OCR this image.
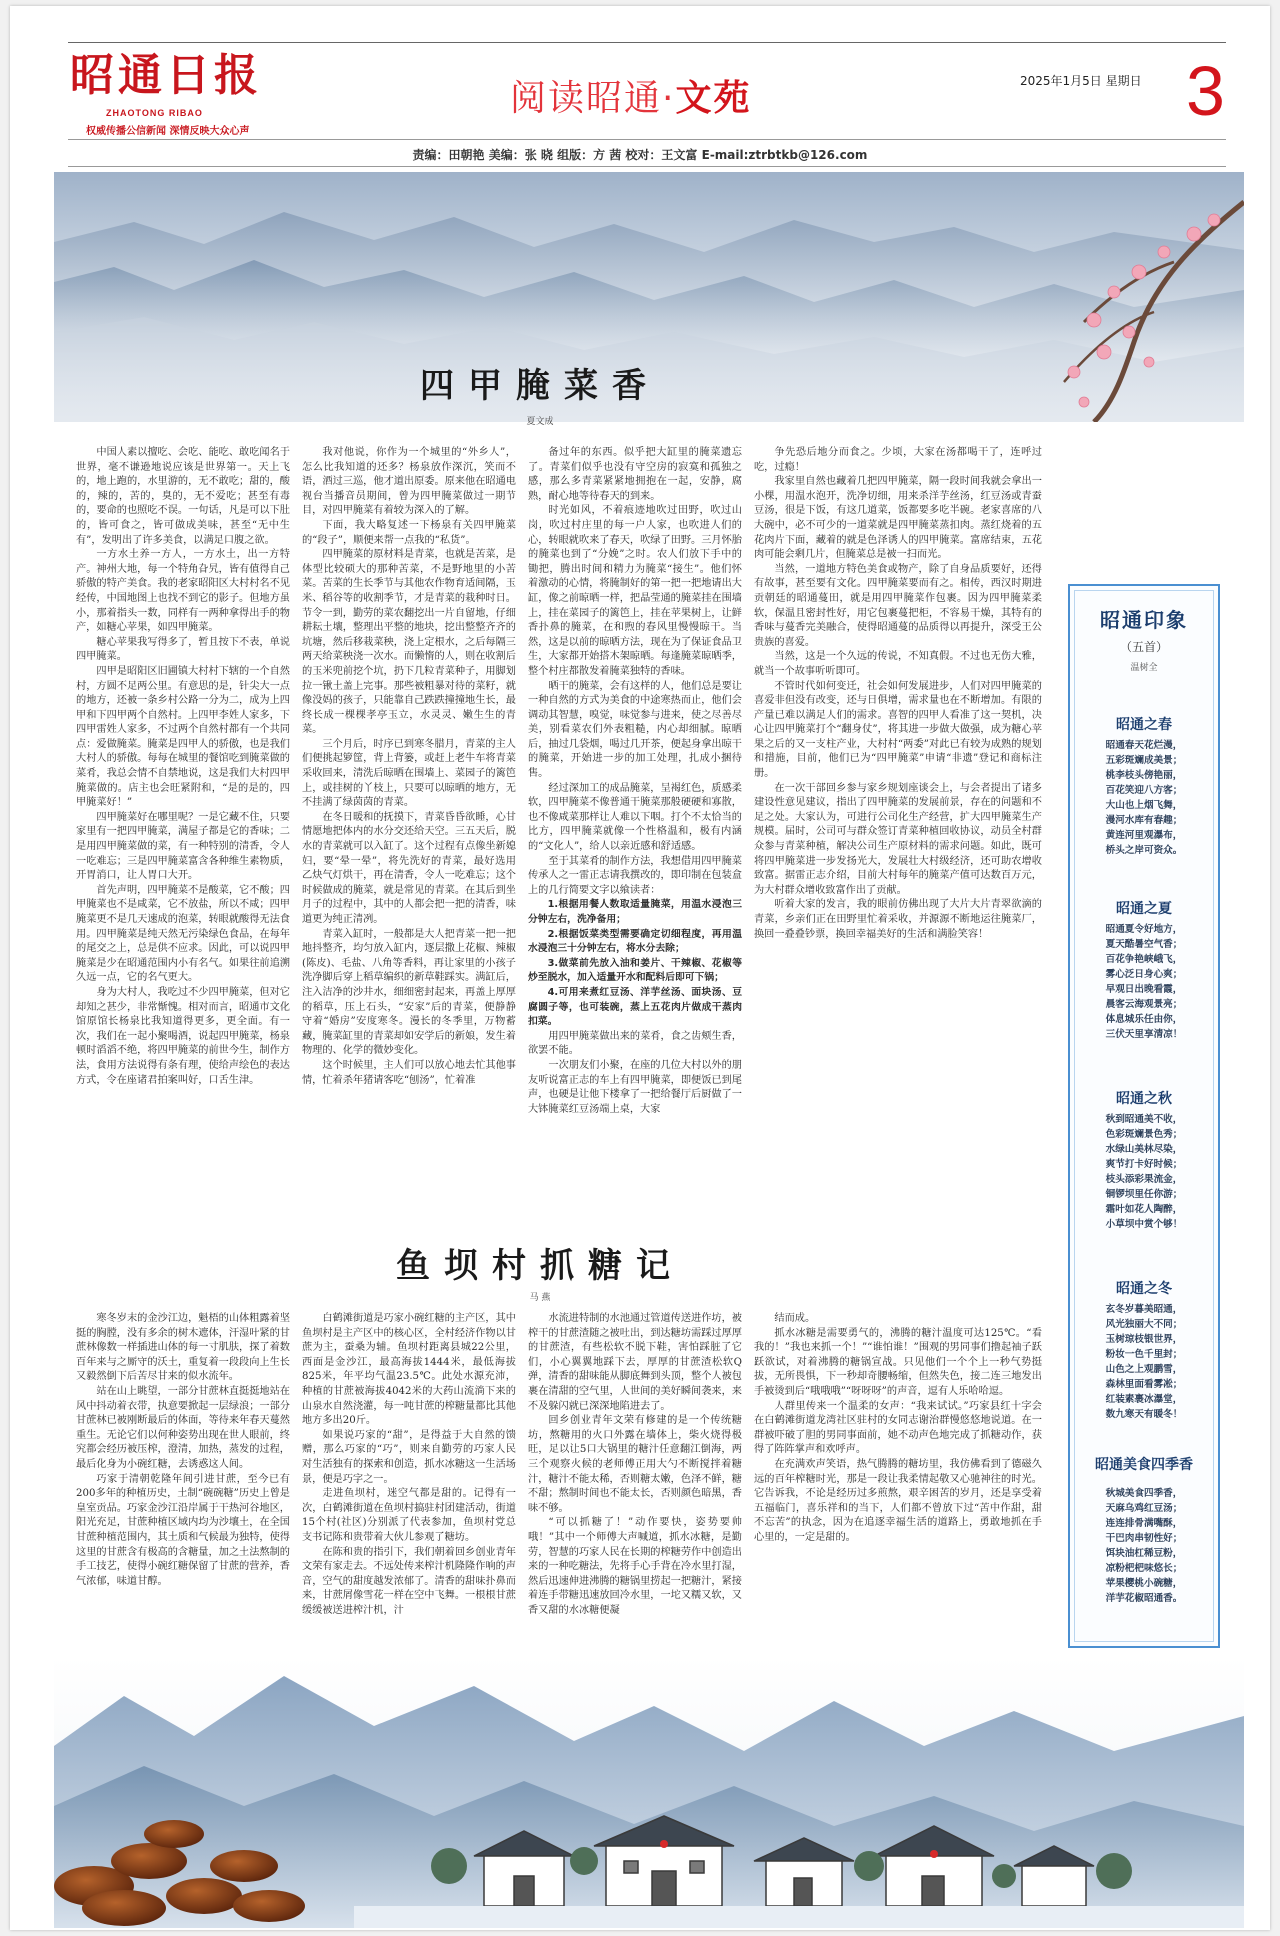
昭通日报
ZHAOTONG RIBAO
权威传播公信新闻 深情反映大众心声
阅读昭通·文苑	2025年1月5日 星期日 3
责编：田朝艳 美编：张 晓 组版：方 茜 校对：王文富 E-mail:ztrbtkb@126.com
四甲腌菜香
夏文成

中国人素以擅吃、会吃、能吃、敢吃闻名于世界，毫不谦逊地说应该是世界第一。天上飞的，地上跑的，水里游的，无不敢吃；甜的，酸的，辣的，苦的，臭的，无不爱吃；甚至有毒的，要命的也照吃不误。一句话，凡是可以下肚的，皆可食之，皆可做成美味，甚至“无中生有”，发明出了许多美食，以满足口腹之欲。

一方水土养一方人，一方水土，出一方特产。神州大地，每一个特角旮旯，皆有值得自己骄傲的特产美食。我的老家昭阳区大村村名不见经传，中国地图上也找不到它的影子。但地方虽小，那着指头一数，同样有一两种拿得出手的物产，如糖心苹果，如四甲腌菜。

糖心苹果我写得多了，暂且按下不表，单说四甲腌菜。

四甲是昭阳区旧圃镇大村村下辖的一个自然村，方圆不足两公里。有意思的是，针尖大一点的地方，还被一条乡村公路一分为二，成为上四甲和下四甲两个自然村。上四甲李姓人家多，下四甲雷姓人家多，不过两个自然村都有一个共同点：爱做腌菜。腌菜是四甲人的骄傲，也是我们大村人的骄傲。每每在城里的餐馆吃到腌菜做的菜肴，我总会情不自禁地说，这是我们大村四甲腌菜做的。店主也会旺紧附和，“是的是的，四甲腌菜好！”

四甲腌菜好在哪里呢？一是它藏不住，只要家里有一把四甲腌菜，满屋子都是它的香味；二是用四甲腌菜做的菜，有一种特别的清香，令人一吃难忘；三是四甲腌菜富含各种维生素物质，开胃消口，让人胃口大开。

首先声明，四甲腌菜不是酸菜，它不酸；四甲腌菜也不是咸菜，它不放盐，所以不咸；四甲腌菜更不是几天速成的泡菜，转眼就酸得无法食用。四甲腌菜是纯天然无污染绿色食品，在每年的尾交之上，总是供不应求。因此，可以说四甲腌菜是少在昭通范围内小有名气。如果往前追溯久远一点，它的名气更大。

身为大村人，我吃过不少四甲腌菜，但对它却知之甚少，非常惭愧。相对而言，昭通市文化馆原馆长杨泉比我知道得更多，更全面。有一次，我们在一起小聚喝酒，说起四甲腌菜，杨泉顿时滔滔不绝，将四甲腌菜的前世今生，制作方法，食用方法说得有条有理，使给声绘色的表达方式，令在座诸君拍案叫好，口舌生津。

我对他说，你作为一个城里的“外乡人”，怎么比我知道的还多？杨泉放作深沉，笑而不语，酒过三巡，他才道出原委。原来他在昭通电视台当播音员期间，曾为四甲腌菜做过一期节目，对四甲腌菜有着较为深入的了解。

下面，我大略复述一下杨泉有关四甲腌菜的“段子”，顺便来帮一点我的“私货”。

四甲腌菜的原材料是青菜，也就是苦菜，是体型比较硕大的那种苦菜，不是野地里的小苦菜。苦菜的生长季节与其他农作物育适间隔，玉米、稻谷等的收割季节，才是青菜的栽种时日。节令一到，勤劳的菜农翻挖出一片自留地，仔细耕耘土壤，整理出平整的地块，挖出整整齐齐的坑塘，然后移栽菜秧，浇上定根水，之后每隔三两天给菜秧浇一次水。而懒惰的人，则在收割后的玉米兜前挖个坑，扔下几粒青菜种子，用脚划拉一锹土盖上完事。那些被粗暴对待的菜籽，就像没妈的孩子，只能靠自己跌跌撞撞地生长，最终长成一棵棵孝亭玉立，水灵灵、嫩生生的青菜。

三个月后，时序已到寒冬腊月，青菜的主人们便挑起箩筐，背上背篓，或赶上老牛车将青菜采收回来，清洗后晾晒在围墙上、菜园子的篱笆上，或挂树的丫枝上，只要可以晾晒的地方，无不挂满了绿茵茵的青菜。

在冬日暖和的抚摸下，青菜昏昏欲睡，心甘情愿地把体内的水分交还给天空。三五天后，脱水的青菜就可以入缸了。这个过程有点像坐新媳妇，要“晕一晕”，将先洗好的青菜，最好选用乙炔气灯烘干，再在清香，令人一吃难忘；这个时候做成的腌菜，就是常见的青菜。在其后到坐月子的过程中，其中的人都会把一把的清香，味道更为纯正清冽。

青菜入缸时，一般都是大人把青菜一把一把地抖整齐，均匀放入缸内，逐层撒上花椒、辣椒(陈皮)、毛盐、八角等香料，再让家里的小孩子洗净脚后穿上稻草编织的新草鞋踩实。满缸后，注入洁净的沙井水，细细密封起来，再盖上厚厚的稻草，压上石头，“安家”后的青菜，便静静守着“婚房”安度寒冬。漫长的冬季里，万物蓄藏，腌菜缸里的青菜却如安学后的新娘，发生着物理的、化学的微妙变化。

这个时候里，主人们可以放心地去忙其他事情，忙着杀年猪请客吃“刨汤”，忙着准

备过年的东西。似乎把大缸里的腌菜遗忘了。青菜们似乎也没有守空房的寂寞和孤独之感，那么多青菜紧紧地拥抱在一起，安静，腐熟，耐心地等待春天的到来。

时光如风，不着痕迹地吹过田野，吹过山岗，吹过村庄里的每一户人家，也吹进人们的心，转眼就吹来了春天，吹绿了田野。三月怀胎的腌菜也到了“分娩”之时。农人们放下手中的锄把，腾出时间和精力为腌菜“接生”。他们怀着激动的心情，将腌制好的第一把一把地请出大缸，像之前晾晒一样，把晶莹通的腌菜挂在围墙上，挂在菜园子的篱笆上，挂在苹果树上，让鲜香扑鼻的腌菜，在和煦的春风里慢慢晾干。当然，这是以前的晾晒方法，现在为了保证食品卫生，大家都开始搭木架晾晒。每逢腌菜晾晒季，整个村庄都散发着腌菜独特的香味。

晒干的腌菜，会有这样的人，他们总是要让一种自然的方式为美食的中途寒热而止，他们会调动其智慧，嗅觉，味觉参与进来，使之尽善尽美，别看菜农们外表粗糙，内心却细腻。晾晒后，抽过几袋烟，喝过几开茶，便起身拿出晾干的腌菜，开始进一步的加工处理，扎成小捆待售。

经过深加工的成品腌菜，呈褐红色，质感柔软，四甲腌菜不像普通干腌菜那般硬硬和寡散，也不像咸菜那样让人难以下咽。打个不太恰当的比方，四甲腌菜就像一个性格温和，极有内涵的“文化人”，给人以亲近感和舒适感。

至于其菜肴的制作方法，我想借用四甲腌菜传承人之一雷正志请我撰改的，即印制在包装盒上的几行简要文字以飨读者：

1.根据用餐人数取适量腌菜，用温水浸泡三分钟左右，洗净备用；

2.根据饭菜类型需要确定切细程度，再用温水浸泡三十分钟左右，将水分去除；

3.做菜前先放入油和姜片、干辣椒、花椒等炒至脱水，加入适量开水和配料后即可下锅；

4.可用来煮红豆汤、洋芋丝汤、面块汤、豆腐圆子等，也可装碗，蒸上五花肉片做成干蒸肉扣菜。

用四甲腌菜做出来的菜肴，食之齿颊生香，欲罢不能。

一次朋友们小聚，在座的几位大村以外的朋友听说富正志的车上有四甲腌菜，即便饭已到尾声，也硬是让他下楼拿了一把给餐厅后厨做了一大钵腌菜红豆汤端上桌，大家

争先恐后地分而食之。少顷，大家在汤都喝干了，连呼过吃，过瘾！

我家里自然也藏着几把四甲腌菜，隔一段时间我就会拿出一小棵，用温水泡开，洗净切细，用来杀洋芋丝汤，红豆汤或青蚕豆汤，很是下饭，有这几道菜，饭都要多吃半碗。老家喜席的八大碗中，必不可少的一道菜就是四甲腌菜蒸扣肉。蒸红烧着的五花肉片下面，藏着的就是色泽诱人的四甲腌菜。富席结束，五花肉可能会剩几片，但腌菜总是被一扫而光。

当然，一道地方特色美食或物产，除了自身品质要好，还得有故事，甚至要有文化。四甲腌菜要而有之。相传，西汉时期进贡朝廷的昭通蔓田，就是用四甲腌菜作包裹。因为四甲腌菜柔软，保温且密封性好，用它包裹蔓把柜，不容易干燥，其特有的香味与蔓香完美融合，使得昭通蔓的品质得以再提升，深受王公贵族的喜爱。

当然，这是一个久远的传说，不知真假。不过也无伤大雅，就当一个故事听听即可。

不管时代如何变迁，社会如何发展进步，人们对四甲腌菜的喜爱非但没有改变，还与日俱增，需求量也在不断增加。有限的产量已难以满足人们的需求。喜智的四甲人看准了这一契机，决心让四甲腌菜打个“翻身仗”，将其进一步做大做强，成为糖心苹果之后的又一支柱产业，大村村“两委”对此已有较为成熟的规划和措施，目前，他们已为“四甲腌菜”申请“非遗”登记和商标注册。

在一次干部回乡参与家乡规划座谈会上，与会者提出了诸多建设性意见建议，指出了四甲腌菜的发展前景，存在的问题和不足之处。大家认为，可进行公司化生产经营，扩大四甲腌菜生产规模。届时，公司可与群众签订青菜种植回收协议，动员全村群众参与青菜种植，解决公司生产原材料的需求问题。如此，既可将四甲腌菜进一步发扬光大，发展壮大村级经济，还可助农增收致富。据雷正志介绍，目前大村每年的腌菜产值可达数百万元，为大村群众增收致富作出了贡献。

听着大家的发言，我的眼前仿佛出现了大片大片青翠欲滴的青菜，乡亲们正在田野里忙着采收，并源源不断地运往腌菜厂，换回一叠叠钞票，换回幸福美好的生活和满脸笑容！

鱼坝村抓糖记
马 燕

寒冬岁末的金沙江边，魁梧的山体粗露着坚挺的胸膛，没有多余的树木遮体，汗湿叶紧的甘蔗林像数一样插进山体的每一寸肌肤，探了着数百年来与之厮守的沃土，重复着一段段向上生长又毅然倒下后苦尽甘来的似水流年。

站在山上眺望，一部分甘蔗林直挺挺地站在风中抖动着衣带，执意要掀起一层绿浪；一部分甘蔗林已被刚断最后的体面，等待来年春天蔓然重生。无论它们以何种姿势出现在世人眼前，终究都会经历被压榨，澄清，加热，蒸发的过程，最后化身为小碗红糖，去诱惑这人间。

巧家于清朝乾隆年间引进甘蔗，至今已有200多年的种植历史，土制“碗碗糖”历史上曾是皇室贡品。巧家金沙江沿岸属于干热河谷地区，阳光充足，甘蔗种植区域内均为沙壤土，在全国甘蔗种植范围内，其土质和气候最为独特，使得这里的甘蔗含有极高的含糖量，加之土法熬制的手工技艺，使得小碗红糖保留了甘蔗的营养，香气浓郁，味道甘醇。

白鹤滩街道是巧家小碗红糖的主产区，其中鱼坝村是主产区中的核心区，全村经济作物以甘蔗为主，蚕桑为辅。鱼坝村距离县城22公里，西面是金沙江，最高海拔1444米，最低海拔825米，年平均气温23.5℃。此处水源充沛，种植的甘蔗被海拔4042米的大药山流淌下来的山泉水自然浇灌，每一吨甘蔗的榨糖量都比其他地方多出20斤。

如果说巧家的“甜”，是得益于大自然的馈赠，那么巧家的“巧”，则来自勤劳的巧家人民对生活独有的探索和创造，抓水冰糖这一生活场景，便是巧字之一。

走进鱼坝村，迷空气都是甜的。记得有一次，白鹤滩街道在鱼坝村搞驻村团建活动，街道15个村(社区)分别派了代表参加，鱼坝村党总支书记陈和贵带着大伙儿参观了糖坊。

在陈和贵的指引下，我们朝着回乡创业青年文荣有家走去。不远处传来榨汁机隆隆作响的声音，空气的甜度越发浓郁了。清香的甜味扑鼻而来，甘蔗屑像雪花一样在空中飞舞。一根根甘蔗缓缓被送进榨汁机，汁

水流进特制的水池通过管道传送进作坊，被榨干的甘蔗渣随之被吐出，到达糖坊需踩过厚厚的甘蔗渣，有些松软不脱下鞋，害怕踩脏了它们，小心翼翼地踩下去，厚厚的甘蔗渣松软Q弹，清香的甜味能从脚底舞到头顶，整个人被包裹在清甜的空气里，人世间的美好瞬间袭来，来不及躲闪就已深深地陷进去了。

回乡创业青年文荣有修建的是一个传统糖坊，熬糖用的火口外露在墙体上，柴火烧得极旺，足以让5口大锅里的糖汁任意翻江倒海，两三个观察火候的老师傅正用大勺不断搅拌着糖汁，糖汁不能太稀，否则糖太嫩，色泽不鲜，糖不甜；熬制时间也不能太长，否则颜色暗黑，香味不够。

“可以抓糖了！”动作要快，姿势要帅哦！”其中一个师傅大声喊道，抓水冰糖，是勤劳，智慧的巧家人民在长期的榨糖劳作中创造出来的一种吃糖法，先将手心手背在冷水里打湿，然后迅速伸进沸腾的糖锅里捞起一把糖汁，紧接着连手带糖迅速放回冷水里，一坨又糯又软，又香又甜的水冰糖便凝

结而成。

抓水冰糖是需要勇气的，沸腾的糖汁温度可达125℃。“看我的！”我也来抓一个！”“谁怕谁！”围观的男同事们撸起袖子跃跃欲试，对着沸腾的糖锅宣战。只见他们一个个上一秒气势挺拔，无所畏惧，下一秒却奇腰畅缩，但然失色，接二连三地发出手被烫到后“哦哦哦”“呀呀呀”的声音，逗有人乐哈哈逗。

人群里传来一个温柔的女声：“我来试试。”巧家县红十字会在白鹤滩街道龙湾社区驻村的女同志谢治群慢悠悠地说道。在一群被吓破了胆的男同事面前，她不动声色地完成了抓糖动作，获得了阵阵掌声和欢呼声。

在充满欢声笑语，热气腾腾的糖坊里，我仿佛看到了德磁久远的百年榨糖时光，那是一段让我柔情起敬又心驰神往的时光。它告诉我，不论是经历过多煎熬，艰辛困苦的岁月，还是享受着五福临门，喜乐祥和的当下，人们都不曾放下过“苦中作甜，甜不忘苦”的执念，因为在追逐幸福生活的道路上，勇敢地抓在手心里的，一定是甜的。

昭通印象
（五首）
温树全
昭通之春
昭通春天花烂漫，
五彩斑斓成美景；
桃李枝头傍艳丽，
百花笑迎八方客；
大山也上烟飞舞，
漫河水库有春趣；
黄连河里观瀑布，
桥头之岸可资众。
昭通之夏
昭通夏令好地方，
夏天酷暑空气香；
百花争艳峡峨飞，
雾心泛日身心爽；
早观日出晚看霞，
晨客云海观景亮；
体息城乐任由你，
三伏天里享清凉！
昭通之秋
秋到昭通美不收，
色彩斑斓景色秀；
水绿山美林尽染，
爽节打卡好时候；
枝头添彩果流金，
铜锣坝里任你游；
霜叶如花人陶醉，
小草坝中赏个够！
昭通之冬
玄冬岁暮美昭通，
风光独丽大不同；
玉树琼枝银世界，
粉妆一色千里封；
山色之上观鹏雪，
森林里面看雾凇；
红装素裹冰瀑堂，
数九寒天有暖冬！
昭通美食四季香
秋城美食四季香，
天麻乌鸡红豆汤；
连连排骨满嘴酥，
干巴肉串韧性好；
饵块油杠稀豆粉，
凉粉杷杷味悠长；
苹果樱桃小碗糖，
洋芋花椒昭通香。
